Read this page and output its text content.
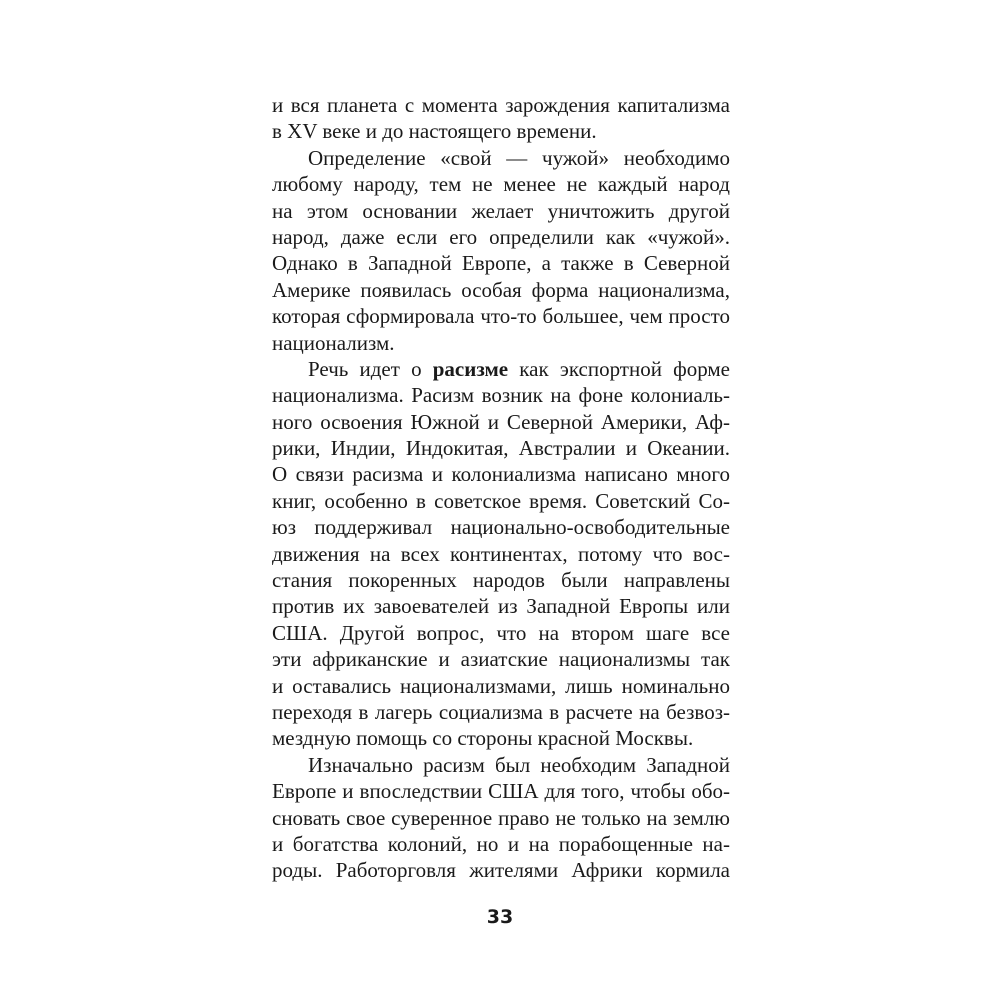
и вся планета с момента зарождения капитализма
в XV веке и до настоящего времени.
Определение «свой — чужой» необходимо
любому народу, тем не менее не каждый народ
на этом основании желает уничтожить другой
народ, даже если его определили как «чужой».
Однако в Западной Европе, а также в Северной
Америке появилась особая форма национализма,
которая сформировала что-то большее, чем просто
национализм.
Речь идет о расизме как экспортной форме
национализма. Расизм возник на фоне колониаль-
ного освоения Южной и Северной Америки, Аф-
рики, Индии, Индокитая, Австралии и Океании.
О связи расизма и колониализма написано много
книг, особенно в советское время. Советский Со-
юз поддерживал национально-освободительные
движения на всех континентах, потому что вос-
стания покоренных народов были направлены
против их завоевателей из Западной Европы или
США. Другой вопрос, что на втором шаге все
эти африканские и азиатские национализмы так
и оставались национализмами, лишь номинально
переходя в лагерь социализма в расчете на безвоз-
мездную помощь со стороны красной Москвы.
Изначально расизм был необходим Западной
Европе и впоследствии США для того, чтобы обо-
сновать свое суверенное право не только на землю
и богатства колоний, но и на порабощенные на-
роды. Работорговля жителями Африки кормила
33
